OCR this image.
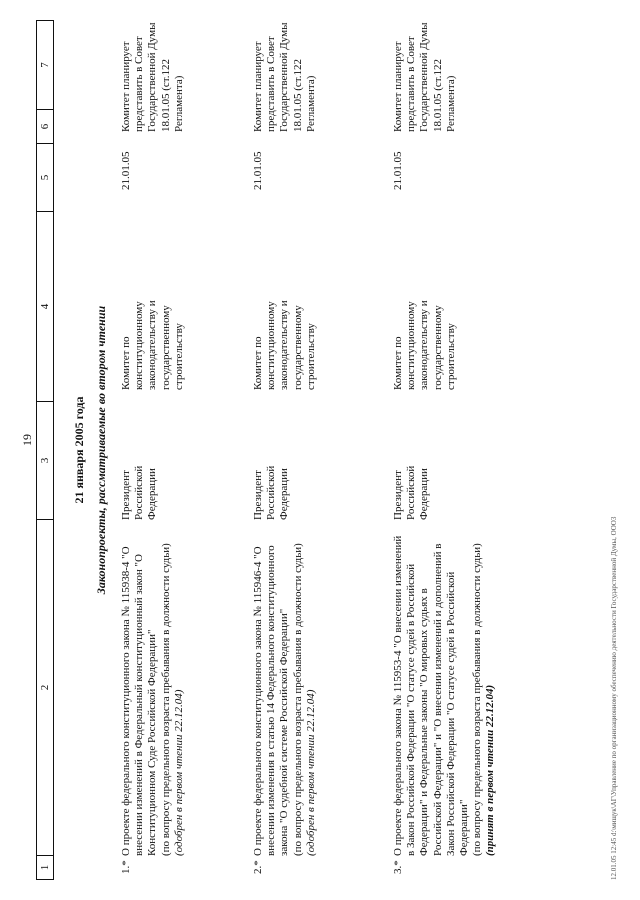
19
1
2
3
4
5
6
7
21 января 2005 года Законопроекты, рассматриваемые во втором чтении
1.*

О проекте федерального конституционного закона № 115938-4 "О внесении изменений в Федеральный конституционный закон "О Конституционном Суде Российской Федерации" (по вопросу предельного возраста пребывания в должности судьи) (одобрен в первом чтении 22.12.04)

Президент Российской Федерации
Комитет по конституционному законодательству и государственному строительству
21.01.05
Комитет планирует представить в Совет Государственной Думы 18.01.05 (ст.122 Регламента)
2.*

О проекте федерального конституционного закона № 115946-4 "О внесении изменения в статью 14 Федерального конституционного закона "О судебной системе Российской Федерации" (по вопросу предельного возраста пребывания в должности судьи) (одобрен в первом чтении 22.12.04)

Президент Российской Федерации
Комитет по конституционному законодательству и государственному строительству
21.01.05
Комитет планирует представить в Совет Государственной Думы 18.01.05 (ст.122 Регламента)
3.*

О проекте федерального закона № 115953-4 "О внесении изменений в Закон Российской Федерации "О статусе судей в Российской Федерации" и Федеральные законы "О мировых судьях в Российской Федерации" и "О внесении изменений и дополнений в Закон Российской Федерации "О статусе судей в Российской Федерации" (по вопросу предельного возраста пребывания в должности судьи) (принят в первом чтении 22.12.04)

Президент Российской Федерации
Комитет по конституционному законодательству и государственному строительству
21.01.05
Комитет планирует представить в Совет Государственной Думы 18.01.05 (ст.122 Регламента)
12.01.05 12:45 d:\мищук\АГ\Управление по организационному обеспечению деятельности Государственной Думы, ООО3
